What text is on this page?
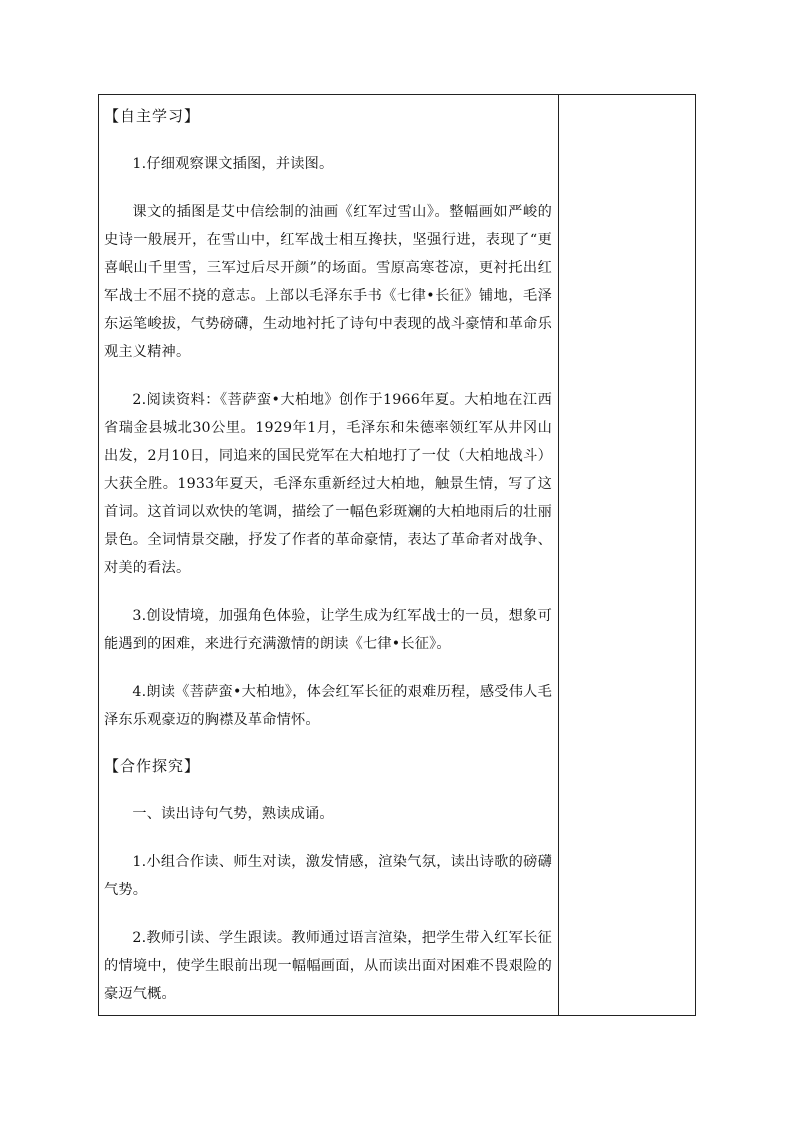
【自主学习】

1.仔细观察课文插图，并读图。

课文的插图是艾中信绘制的油画《红军过雪山》。整幅画如严峻的史诗一般展开，在雪山中，红军战士相互搀扶，坚强行进，表现了“更喜岷山千里雪，三军过后尽开颜”的场面。雪原高寒苍凉，更衬托出红军战士不屈不挠的意志。上部以毛泽东手书《七律•长征》铺地，毛泽东运笔峻拔，气势磅礴，生动地衬托了诗句中表现的战斗豪情和革命乐观主义精神。

2.阅读资料：《菩萨蛮•大柏地》创作于1966年夏。大柏地在江西省瑞金县城北30公里。1929年1月，毛泽东和朱德率领红军从井冈山出发，2月10日，同追来的国民党军在大柏地打了一仗（大柏地战斗）大获全胜。1933年夏天，毛泽东重新经过大柏地，触景生情，写了这首词。这首词以欢快的笔调，描绘了一幅色彩斑斓的大柏地雨后的壮丽景色。全词情景交融，抒发了作者的革命豪情，表达了革命者对战争、对美的看法。

3.创设情境，加强角色体验，让学生成为红军战士的一员，想象可能遇到的困难，来进行充满激情的朗读《七律•长征》。

4.朗读《菩萨蛮•大柏地》，体会红军长征的艰难历程，感受伟人毛泽东乐观豪迈的胸襟及革命情怀。

【合作探究】

一、读出诗句气势，熟读成诵。

1.小组合作读、师生对读，激发情感，渲染气氛，读出诗歌的磅礴气势。

2.教师引读、学生跟读。教师通过语言渲染，把学生带入红军长征的情境中，使学生眼前出现一幅幅画面，从而读出面对困难不畏艰险的豪迈气概。
